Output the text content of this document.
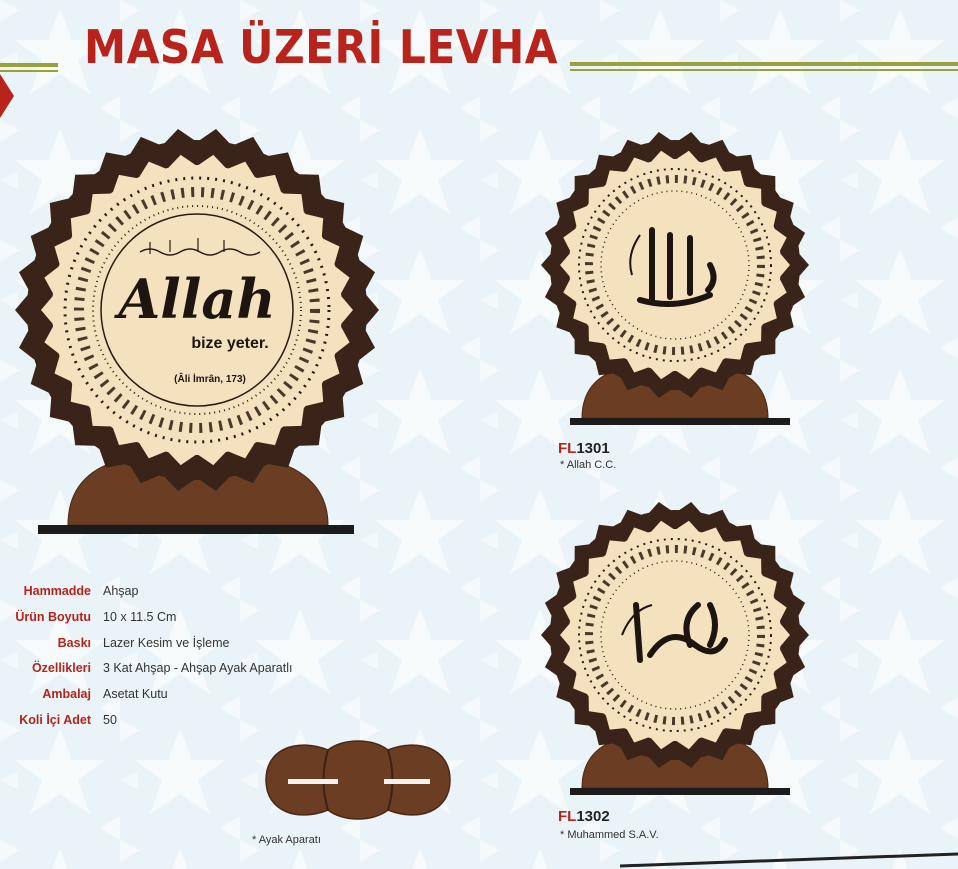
MASA ÜZERİ LEVHA
Allah
bize yeter.
(Âli İmrân, 173)
Hammadde Ahşap
Ürün Boyutu 10 x 11.5 Cm
Baskı Lazer Kesim ve İşleme
Özellikleri 3 Kat Ahşap - Ahşap Ayak Aparatlı
Ambalaj Asetat Kutu
Koli İçi Adet 50
FL1301
* Allah C.C.
FL1302
* Muhammed S.A.V.
* Ayak Aparatı
